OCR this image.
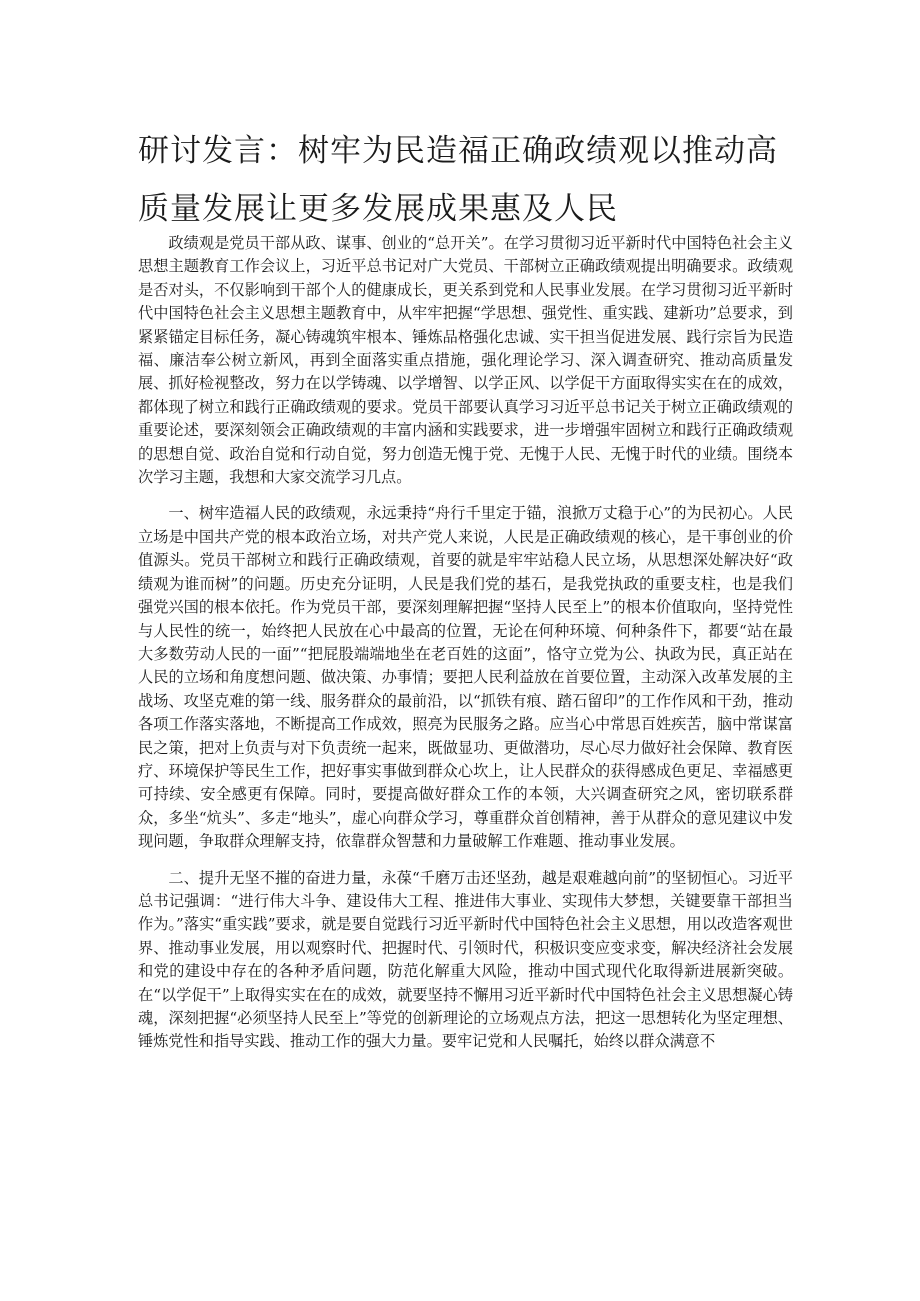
研讨发言：树牢为民造福正确政绩观以推动高质量发展让更多发展成果惠及人民

政绩观是党员干部从政、谋事、创业的“总开关”。在学习贯彻习近平新时代中国特色社会主义思想主题教育工作会议上，习近平总书记对广大党员、干部树立正确政绩观提出明确要求。政绩观是否对头，不仅影响到干部个人的健康成长，更关系到党和人民事业发展。在学习贯彻习近平新时代中国特色社会主义思想主题教育中，从牢牢把握“学思想、强党性、重实践、建新功”总要求，到紧紧锚定目标任务，凝心铸魂筑牢根本、锤炼品格强化忠诚、实干担当促进发展、践行宗旨为民造福、廉洁奉公树立新风，再到全面落实重点措施，强化理论学习、深入调查研究、推动高质量发展、抓好检视整改，努力在以学铸魂、以学增智、以学正风、以学促干方面取得实实在在的成效，都体现了树立和践行正确政绩观的要求。党员干部要认真学习习近平总书记关于树立正确政绩观的重要论述，要深刻领会正确政绩观的丰富内涵和实践要求，进一步增强牢固树立和践行正确政绩观的思想自觉、政治自觉和行动自觉，努力创造无愧于党、无愧于人民、无愧于时代的业绩。围绕本次学习主题，我想和大家交流学习几点。

一、树牢造福人民的政绩观，永远秉持“舟行千里定于锚，浪掀万丈稳于心”的为民初心。人民立场是中国共产党的根本政治立场，对共产党人来说，人民是正确政绩观的核心，是干事创业的价值源头。党员干部树立和践行正确政绩观，首要的就是牢牢站稳人民立场，从思想深处解决好“政绩观为谁而树”的问题。历史充分证明，人民是我们党的基石，是我党执政的重要支柱，也是我们强党兴国的根本依托。作为党员干部，要深刻理解把握“坚持人民至上”的根本价值取向，坚持党性与人民性的统一，始终把人民放在心中最高的位置，无论在何种环境、何种条件下，都要“站在最大多数劳动人民的一面”“把屁股端端地坐在老百姓的这面”，恪守立党为公、执政为民，真正站在人民的立场和角度想问题、做决策、办事情；要把人民利益放在首要位置，主动深入改革发展的主战场、攻坚克难的第一线、服务群众的最前沿，以“抓铁有痕、踏石留印”的工作作风和干劲，推动各项工作落实落地，不断提高工作成效，照亮为民服务之路。应当心中常思百姓疾苦，脑中常谋富民之策，把对上负责与对下负责统一起来，既做显功、更做潜功，尽心尽力做好社会保障、教育医疗、环境保护等民生工作，把好事实事做到群众心坎上，让人民群众的获得感成色更足、幸福感更可持续、安全感更有保障。同时，要提高做好群众工作的本领，大兴调查研究之风，密切联系群众，多坐“炕头”、多走“地头”，虚心向群众学习，尊重群众首创精神，善于从群众的意见建议中发现问题，争取群众理解支持，依靠群众智慧和力量破解工作难题、推动事业发展。

二、提升无坚不摧的奋进力量，永葆“千磨万击还坚劲，越是艰难越向前”的坚韧恒心。习近平总书记强调：“进行伟大斗争、建设伟大工程、推进伟大事业、实现伟大梦想，关键要靠干部担当作为。”落实“重实践”要求，就是要自觉践行习近平新时代中国特色社会主义思想，用以改造客观世界、推动事业发展，用以观察时代、把握时代、引领时代，积极识变应变求变，解决经济社会发展和党的建设中存在的各种矛盾问题，防范化解重大风险，推动中国式现代化取得新进展新突破。在“以学促干”上取得实实在在的成效，就要坚持不懈用习近平新时代中国特色社会主义思想凝心铸魂，深刻把握“必须坚持人民至上”等党的创新理论的立场观点方法，把这一思想转化为坚定理想、锤炼党性和指导实践、推动工作的强大力量。要牢记党和人民嘱托，始终以群众满意不
